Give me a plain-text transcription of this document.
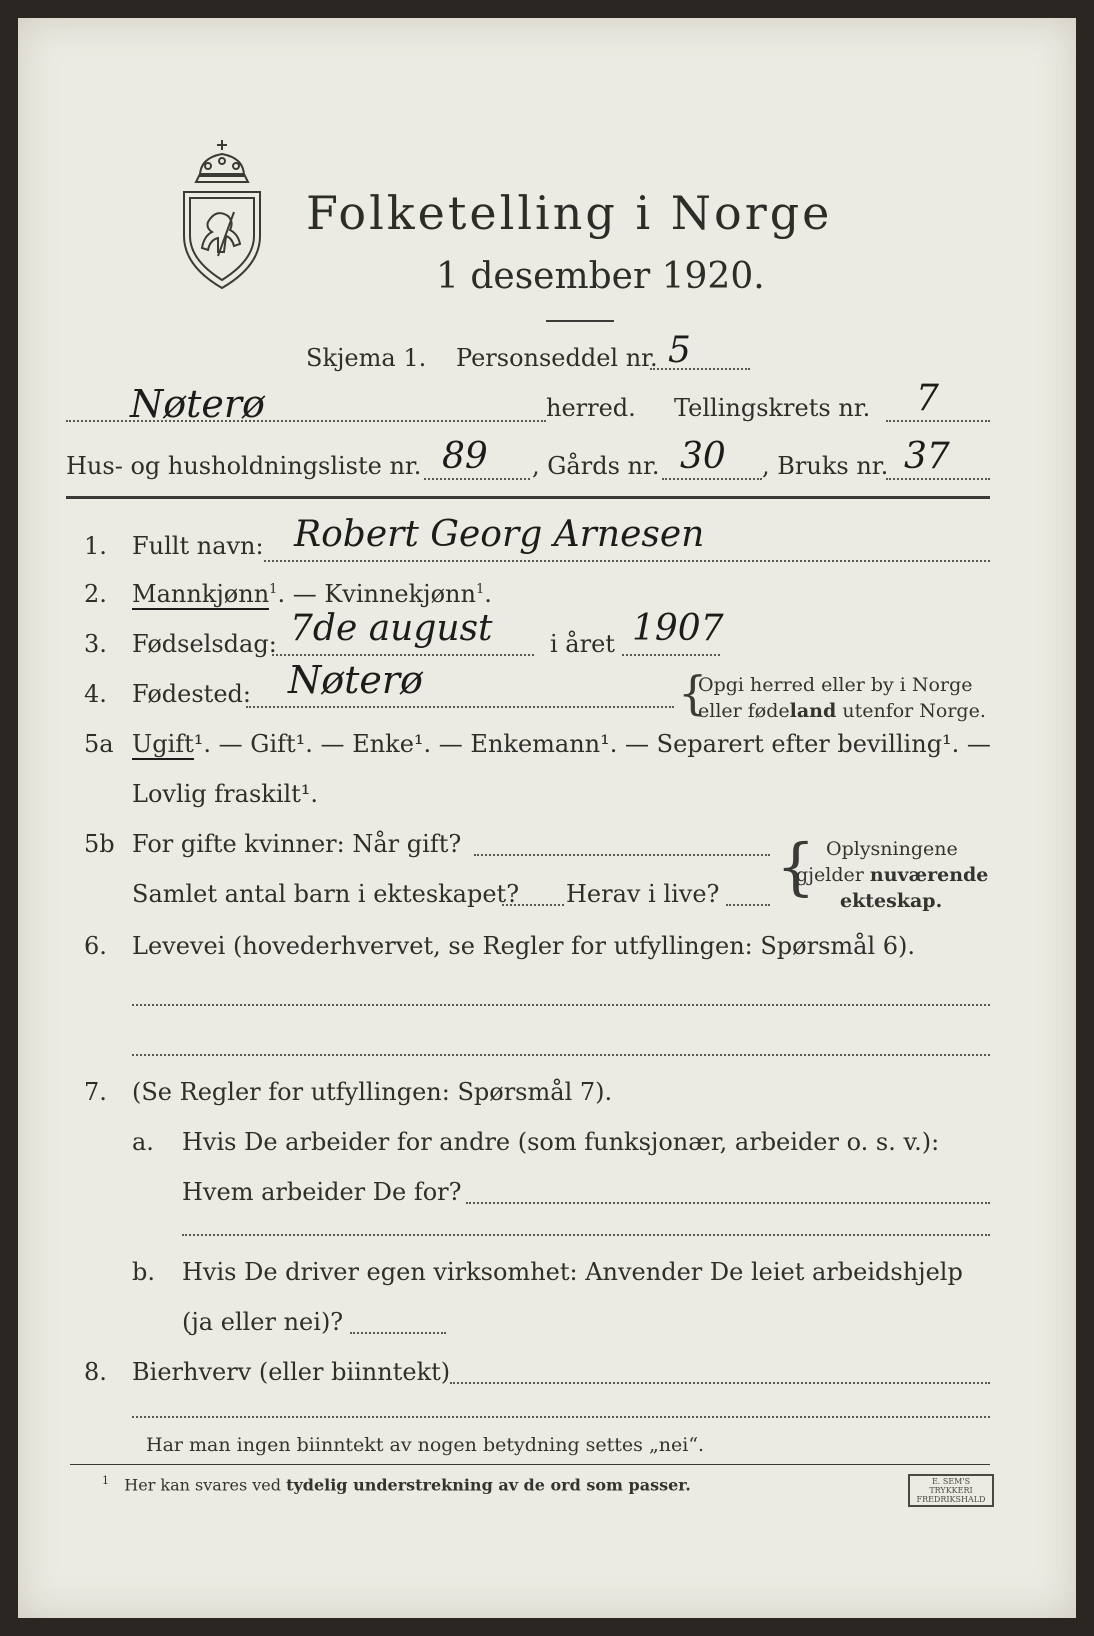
Folketelling i Norge
1 desember 1920.
Skjema 1. Personseddel nr. 5
Nøterø	herred. Tellingskrets nr. 7
Hus- og husholdningsliste nr. 89 , Gårds nr. 30 , Bruks nr. 37
1. Fullt navn: Robert Georg Arnesen
2. Mannkjønn$^1$. — Kvinnekjønn$^1$.
3. Fødselsdag: 7de august i året 1907
4. Fødested: Nøterø	{
Opgi herred eller by i Norge
eller fødeland utenfor Norge.
5a Ugift¹. — Gift¹. — Enke¹. — Enkemann¹. — Separert efter bevilling¹. —
Lovlig fraskilt¹.
5b For gifte kvinner: Når gift?
Samlet antal barn i ekteskapet? Herav i live? { Oplysningene
gjelder nuværende
ekteskap.
6. Levevei (hovederhvervet, se Regler for utfyllingen: Spørsmål 6).
7. (Se Regler for utfyllingen: Spørsmål 7).
a. Hvis De arbeider for andre (som funksjonær, arbeider o. s. v.):
Hvem arbeider De for?
b. Hvis De driver egen virksomhet: Anvender De leiet arbeidshjelp
(ja eller nei)?
8. Bierhverv (eller biinntekt)
Har man ingen biinntekt av nogen betydning settes „nei“.
$^1$ Her kan svares ved tydelig understrekning av de ord som passer.	E. SEM'S TRYKKERI FREDRIKSHALD
